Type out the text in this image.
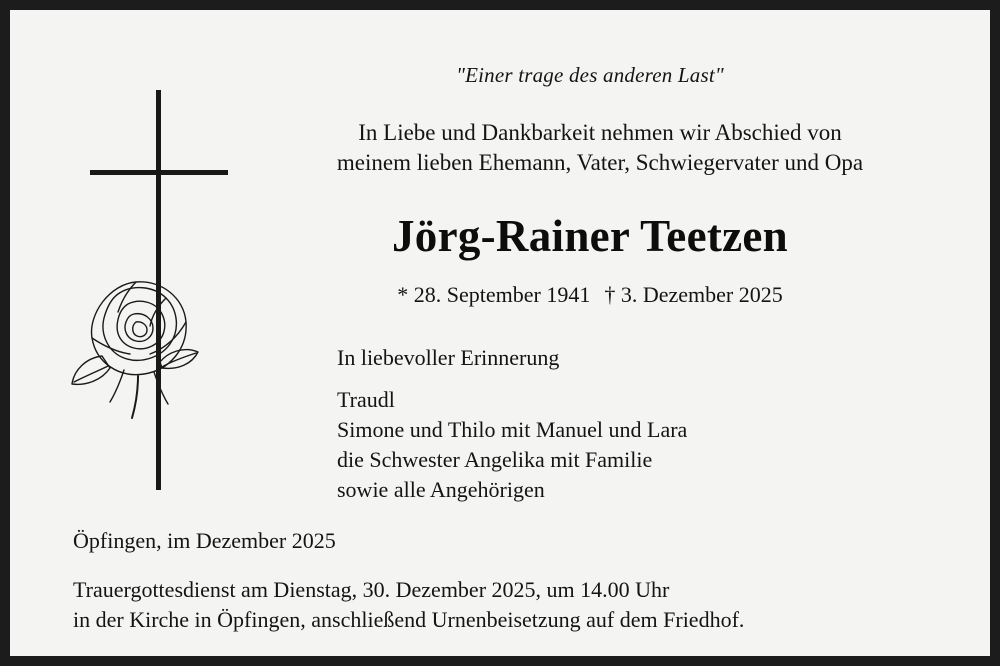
"Einer trage des anderen Last"
In Liebe und Dankbarkeit nehmen wir Abschied von
meinem lieben Ehemann, Vater, Schwiegervater und Opa
Jörg-Rainer Teetzen
* 28. September 1941 † 3. Dezember 2025
In liebevoller Erinnerung
Traudl
Simone und Thilo mit Manuel und Lara
die Schwester Angelika mit Familie
sowie alle Angehörigen
Öpfingen, im Dezember 2025
Trauergottesdienst am Dienstag, 30. Dezember 2025, um 14.00 Uhr
in der Kirche in Öpfingen, anschließend Urnenbeisetzung auf dem Friedhof.
